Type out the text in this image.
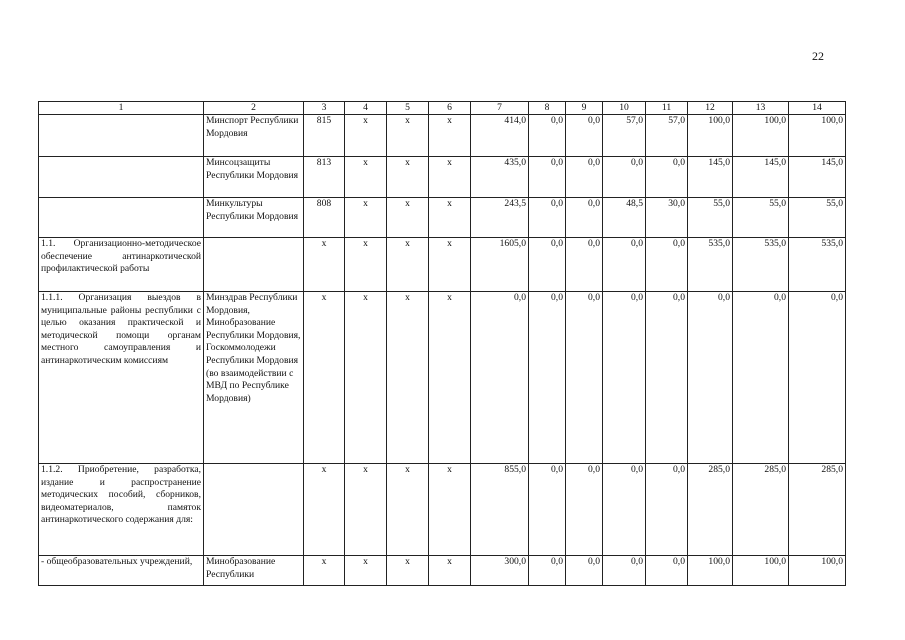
22
1	2	3	4	5	6	7	8	9	10	11	12	13	14
	Минспорт Республики Мордовия	815	х	х	х	414,0	0,0	0,0	57,0	57,0	100,0	100,0	100,0
	Минсоцзащиты Республики Мордовия	813	х	х	х	435,0	0,0	0,0	0,0	0,0	145,0	145,0	145,0
	Минкультуры Республики Мордовия	808	х	х	х	243,5	0,0	0,0	48,5	30,0	55,0	55,0	55,0
1.1. Организационно-методическое обеспечение антинаркотической профилактической работы		х	х	х	х	1605,0	0,0	0,0	0,0	0,0	535,0	535,0	535,0
1.1.1. Организация выездов в муниципальные районы республики с целью оказания практической и методической помощи органам местного самоуправления и антинаркотическим комиссиям	Минздрав Республики Мордовия, Минобразование Республики Мордовия, Госкоммолодежи Республики Мордовия (во взаимодействии с МВД по Республике Мордовия)	х	х	х	х	0,0	0,0	0,0	0,0	0,0	0,0	0,0	0,0
1.1.2. Приобретение, разработка, издание и распространение методических пособий, сборников, видеоматериалов, памяток антинаркотического содержания для:		х	х	х	х	855,0	0,0	0,0	0,0	0,0	285,0	285,0	285,0
- общеобразовательных учреждений,	Минобразование Республики	х	х	х	х	300,0	0,0	0,0	0,0	0,0	100,0	100,0	100,0
